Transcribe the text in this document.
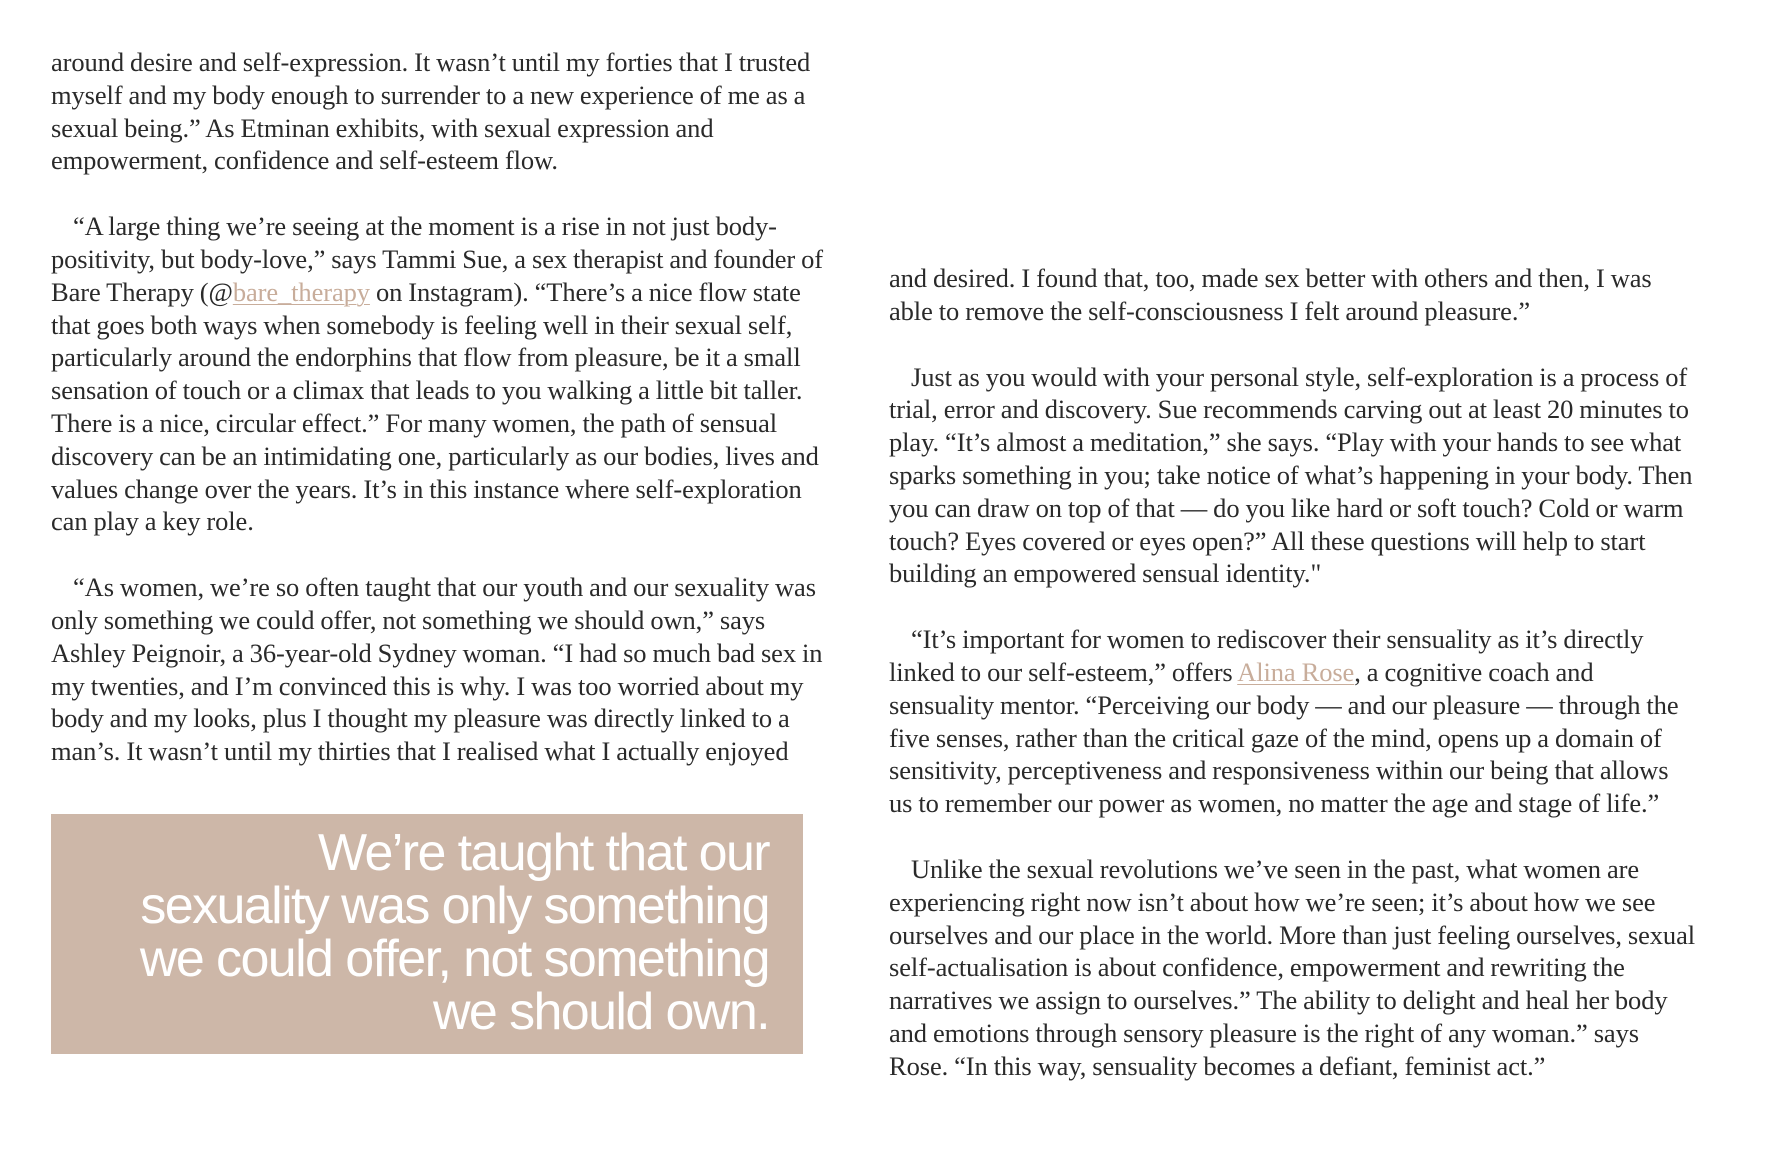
around desire and self-expression. It wasn’t until my forties that I trusted myself and my body enough to surrender to a new experience of me as a sexual being.” As Etminan exhibits, with sexual expression and empowerment, confidence and self-esteem flow.

“A large thing we’re seeing at the moment is a rise in not just body-positivity, but body-love,” says Tammi Sue, a sex therapist and founder of Bare Therapy (@bare_therapy on Instagram). “There’s a nice flow state that goes both ways when somebody is feeling well in their sexual self, particularly around the endorphins that flow from pleasure, be it a small sensation of touch or a climax that leads to you walking a little bit taller. There is a nice, circular effect.” For many women, the path of sensual discovery can be an intimidating one, particularly as our bodies, lives and values change over the years. It’s in this instance where self-exploration can play a key role.

“As women, we’re so often taught that our youth and our sexuality was only something we could offer, not something we should own,” says Ashley Peignoir, a 36-year-old Sydney woman. “I had so much bad sex in my twenties, and I’m convinced this is why. I was too worried about my body and my looks, plus I thought my pleasure was directly linked to a man’s. It wasn’t until my thirties that I realised what I actually enjoyed

We’re taught that our
sexuality was only something
we could offer, not something
we should own.

and desired. I found that, too, made sex better with others and then, I was able to remove the self-consciousness I felt around pleasure.”

Just as you would with your personal style, self-exploration is a process of trial, error and discovery. Sue recommends carving out at least 20 minutes to play. “It’s almost a meditation,” she says. “Play with your hands to see what sparks something in you; take notice of what’s happening in your body. Then you can draw on top of that — do you like hard or soft touch? Cold or warm touch? Eyes covered or eyes open?” All these questions will help to start building an empowered sensual identity."

“It’s important for women to rediscover their sensuality as it’s directly linked to our self-esteem,” offers Alina Rose, a cognitive coach and sensuality mentor. “Perceiving our body — and our pleasure — through the five senses, rather than the critical gaze of the mind, opens up a domain of sensitivity, perceptiveness and responsiveness within our being that allows us to remember our power as women, no matter the age and stage of life.”

Unlike the sexual revolutions we’ve seen in the past, what women are experiencing right now isn’t about how we’re seen; it’s about how we see ourselves and our place in the world. More than just feeling ourselves, sexual self-actualisation is about confidence, empowerment and rewriting the narratives we assign to ourselves.” The ability to delight and heal her body and emotions through sensory pleasure is the right of any woman.” says Rose. “In this way, sensuality becomes a defiant, feminist act.”
